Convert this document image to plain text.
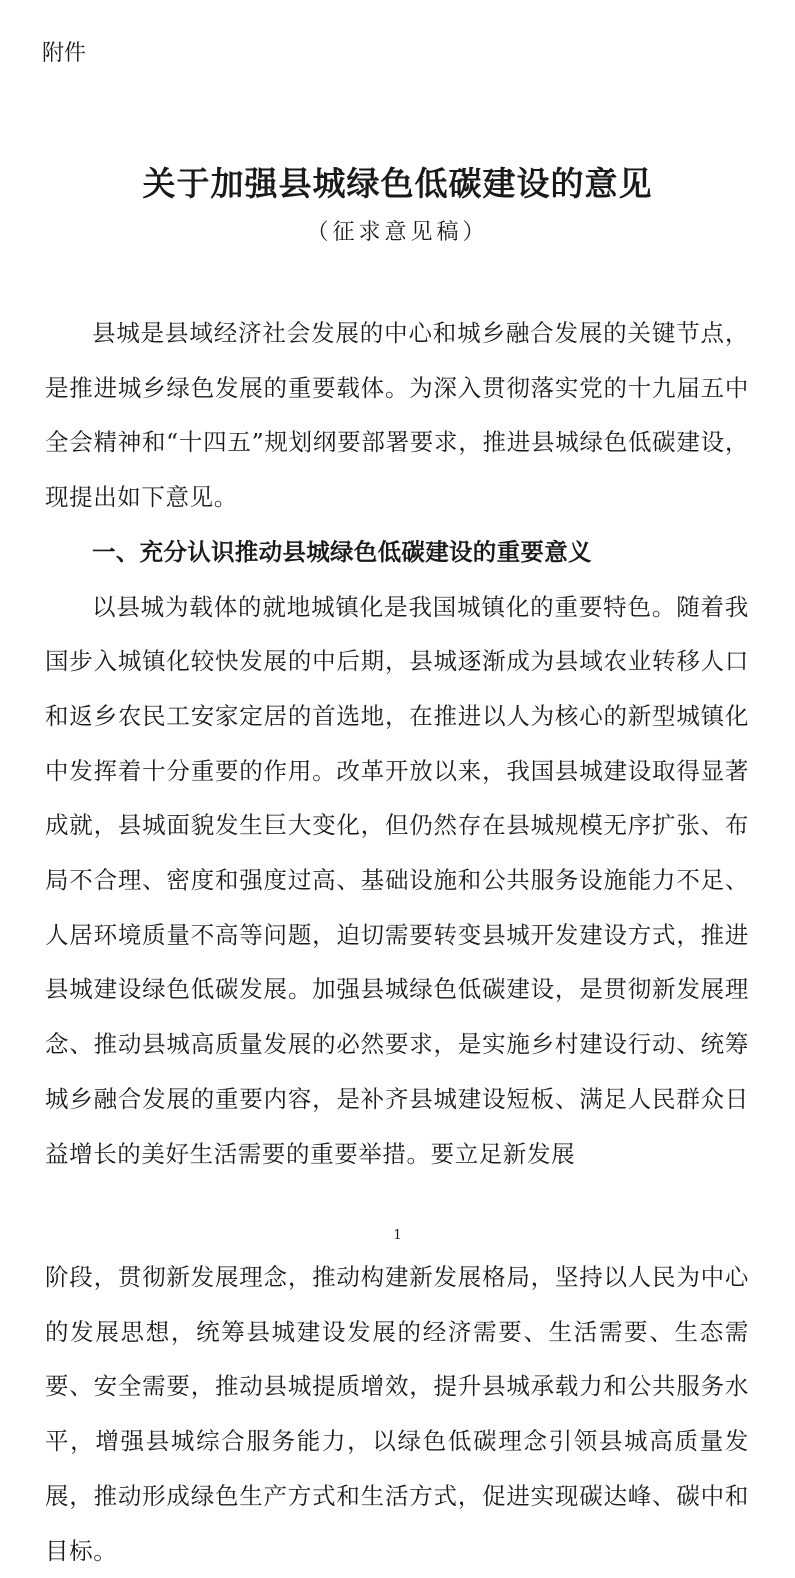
附件
关于加强县城绿色低碳建设的意见
（征求意见稿）

县城是县域经济社会发展的中心和城乡融合发展的关键节点，是推进城乡绿色发展的重要载体。为深入贯彻落实党的十九届五中全会精神和“十四五”规划纲要部署要求，推进县城绿色低碳建设，现提出如下意见。

一、充分认识推动县城绿色低碳建设的重要意义

以县城为载体的就地城镇化是我国城镇化的重要特色。随着我国步入城镇化较快发展的中后期，县城逐渐成为县域农业转移人口和返乡农民工安家定居的首选地，在推进以人为核心的新型城镇化中发挥着十分重要的作用。改革开放以来，我国县城建设取得显著成就，县城面貌发生巨大变化，但仍然存在县城规模无序扩张、布局不合理、密度和强度过高、基础设施和公共服务设施能力不足、人居环境质量不高等问题，迫切需要转变县城开发建设方式，推进县城建设绿色低碳发展。加强县城绿色低碳建设，是贯彻新发展理念、推动县城高质量发展的必然要求，是实施乡村建设行动、统筹城乡融合发展的重要内容，是补齐县城建设短板、满足人民群众日益增长的美好生活需要的重要举措。要立足新发展

1

阶段，贯彻新发展理念，推动构建新发展格局，坚持以人民为中心的发展思想，统筹县城建设发展的经济需要、生活需要、生态需要、安全需要，推动县城提质增效，提升县城承载力和公共服务水平，增强县城综合服务能力，以绿色低碳理念引领县城高质量发展，推动形成绿色生产方式和生活方式，促进实现碳达峰、碳中和目标。
